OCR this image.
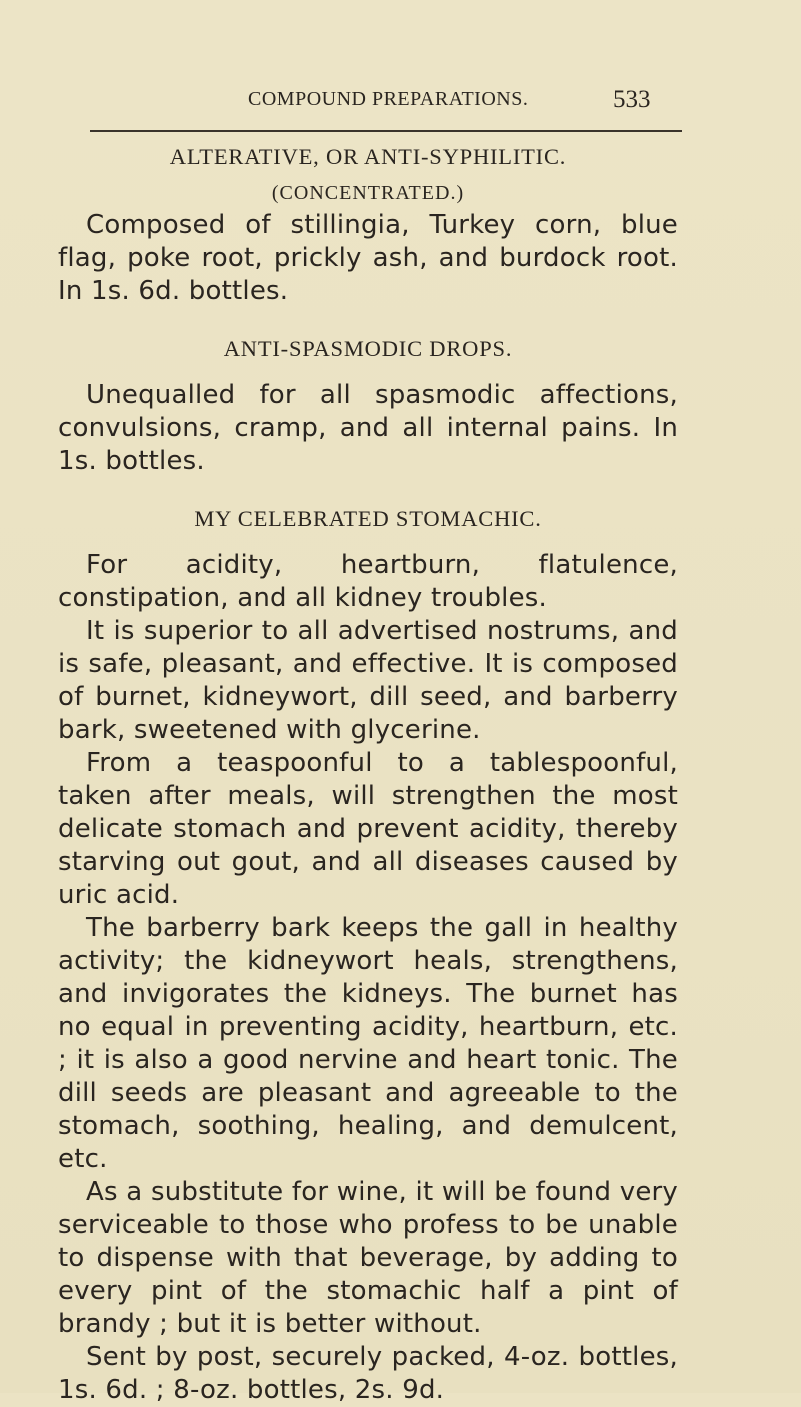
COMPOUND PREPARATIONS.	533
ALTERATIVE, OR ANTI-SYPHILITIC.
(CONCENTRATED.)

Composed of stillingia, Turkey corn, blue flag, poke root, prickly ash, and burdock root. In 1s. 6d. bottles.

ANTI-SPASMODIC DROPS.

Unequalled for all spasmodic affections, convulsions, cramp, and all internal pains. In 1s. bottles.

MY CELEBRATED STOMACHIC.

For acidity, heartburn, flatulence, constipation, and all kidney troubles.

It is superior to all advertised nostrums, and is safe, pleasant, and effective. It is composed of burnet, kidneywort, dill seed, and barberry bark, sweetened with glycerine.

From a teaspoonful to a tablespoonful, taken after meals, will strengthen the most delicate stomach and prevent acidity, thereby starving out gout, and all diseases caused by uric acid.

The barberry bark keeps the gall in healthy activity; the kidneywort heals, strengthens, and invigorates the kidneys. The burnet has no equal in preventing acidity, heartburn, etc. ; it is also a good nervine and heart tonic. The dill seeds are pleasant and agreeable to the stomach, soothing, healing, and demulcent, etc.

As a substitute for wine, it will be found very serviceable to those who profess to be unable to dispense with that beverage, by adding to every pint of the stomachic half a pint of brandy ; but it is better without.

Sent by post, securely packed, 4-oz. bottles, 1s. 6d. ; 8-oz. bottles, 2s. 9d.
